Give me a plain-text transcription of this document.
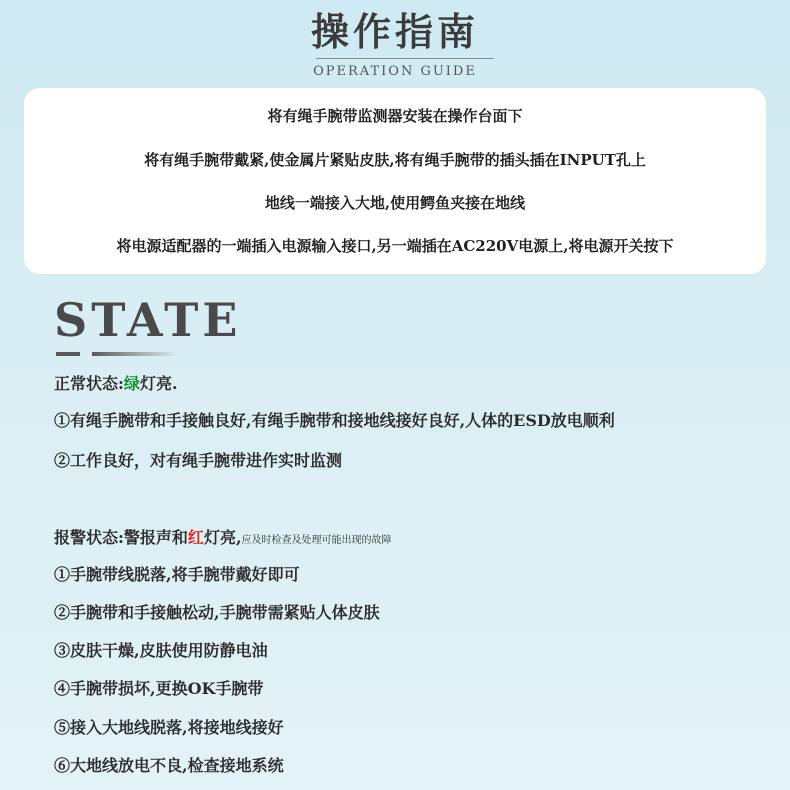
操作指南
OPERATION GUIDE
将有绳手腕带监测器安装在操作台面下
将有绳手腕带戴紧,使金属片紧贴皮肤,将有绳手腕带的插头插在INPUT孔上
地线一端接入大地,使用鳄鱼夹接在地线
将电源适配器的一端插入电源输入接口,另一端插在AC220V电源上,将电源开关按下
STATE
正常状态:绿灯亮.
①有绳手腕带和手接触良好,有绳手腕带和接地线接好良好,人体的ESD放电顺利
②工作良好，对有绳手腕带进作实时监测
报警状态:警报声和红灯亮,应及时检查及处理可能出现的故障
①手腕带线脱落,将手腕带戴好即可
②手腕带和手接触松动,手腕带需紧贴人体皮肤
③皮肤干燥,皮肤使用防静电油
④手腕带损坏,更换OK手腕带
⑤接入大地线脱落,将接地线接好
⑥大地线放电不良,检查接地系统
